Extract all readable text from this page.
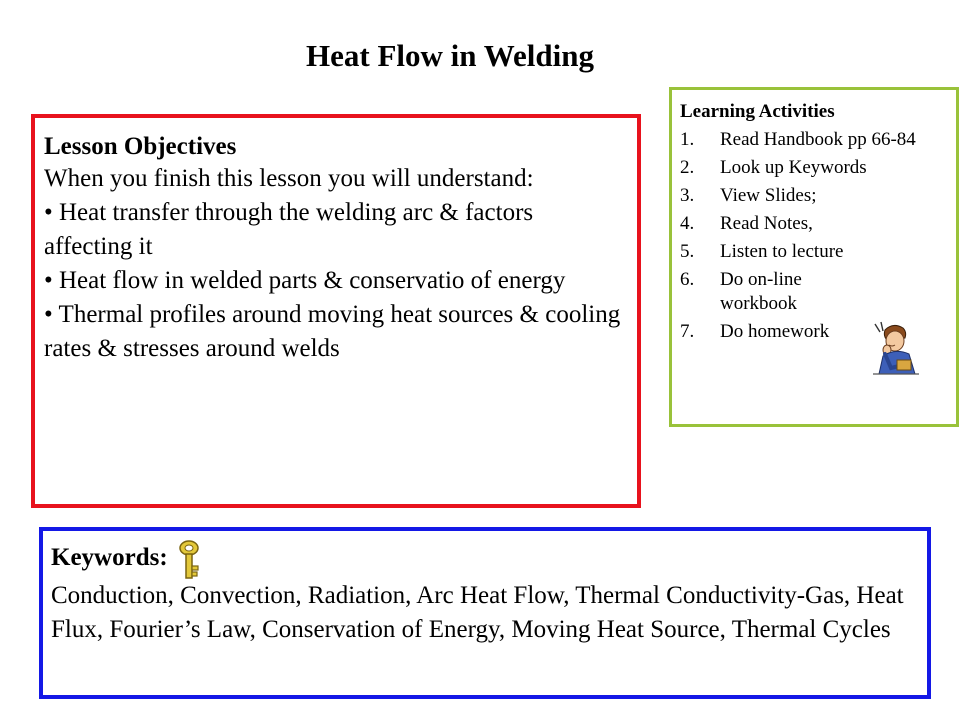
Heat Flow in Welding
Lesson Objectives
When you finish this lesson you will understand:
• Heat transfer through the welding arc & factors affecting it
• Heat flow in welded parts & conservatio of energy
• Thermal profiles around moving heat sources & cooling rates & stresses around welds
Learning Activities
1.	Read Handbook pp 66-84
2.	Look up Keywords
3.	View Slides;
4.	Read Notes,
5.	Listen to lecture
6.	Do on-line workbook
7.	Do homework
Keywords:
Conduction, Convection, Radiation, Arc Heat Flow, Thermal Conductivity-Gas, Heat Flux, Fourier’s Law, Conservation of Energy, Moving Heat Source, Thermal Cycles
